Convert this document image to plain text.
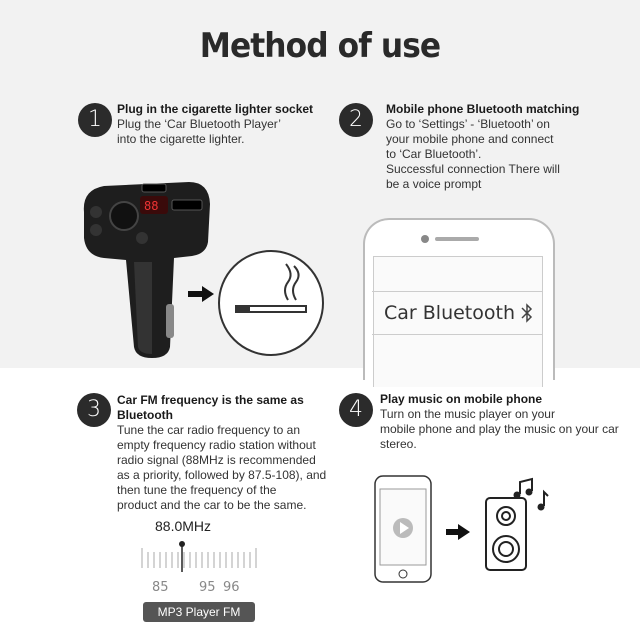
Method of use
1	Plug in the cigarette lighter socket
Plug the ‘Car Bluetooth Player’
into the cigarette lighter.
2	Mobile phone Bluetooth matching
Go to ‘Settings’ - ‘Bluetooth’ on
your mobile phone and connect
to ‘Car Bluetooth’.
Successful connection There will
be a voice prompt
88
Car Bluetooth
3	Car FM frequency is the same as
Bluetooth
Tune the car radio frequency to an
empty frequency radio station without
radio signal (88MHz is recommended
as a priority, followed by 87.5-108), and
then tune the frequency of the
product and the car to be the same.
88.0MHz
85 95 96
MP3 Player FM
4	Play music on mobile phone
Turn on the music player on your
mobile phone and play the music on your car
stereo.
